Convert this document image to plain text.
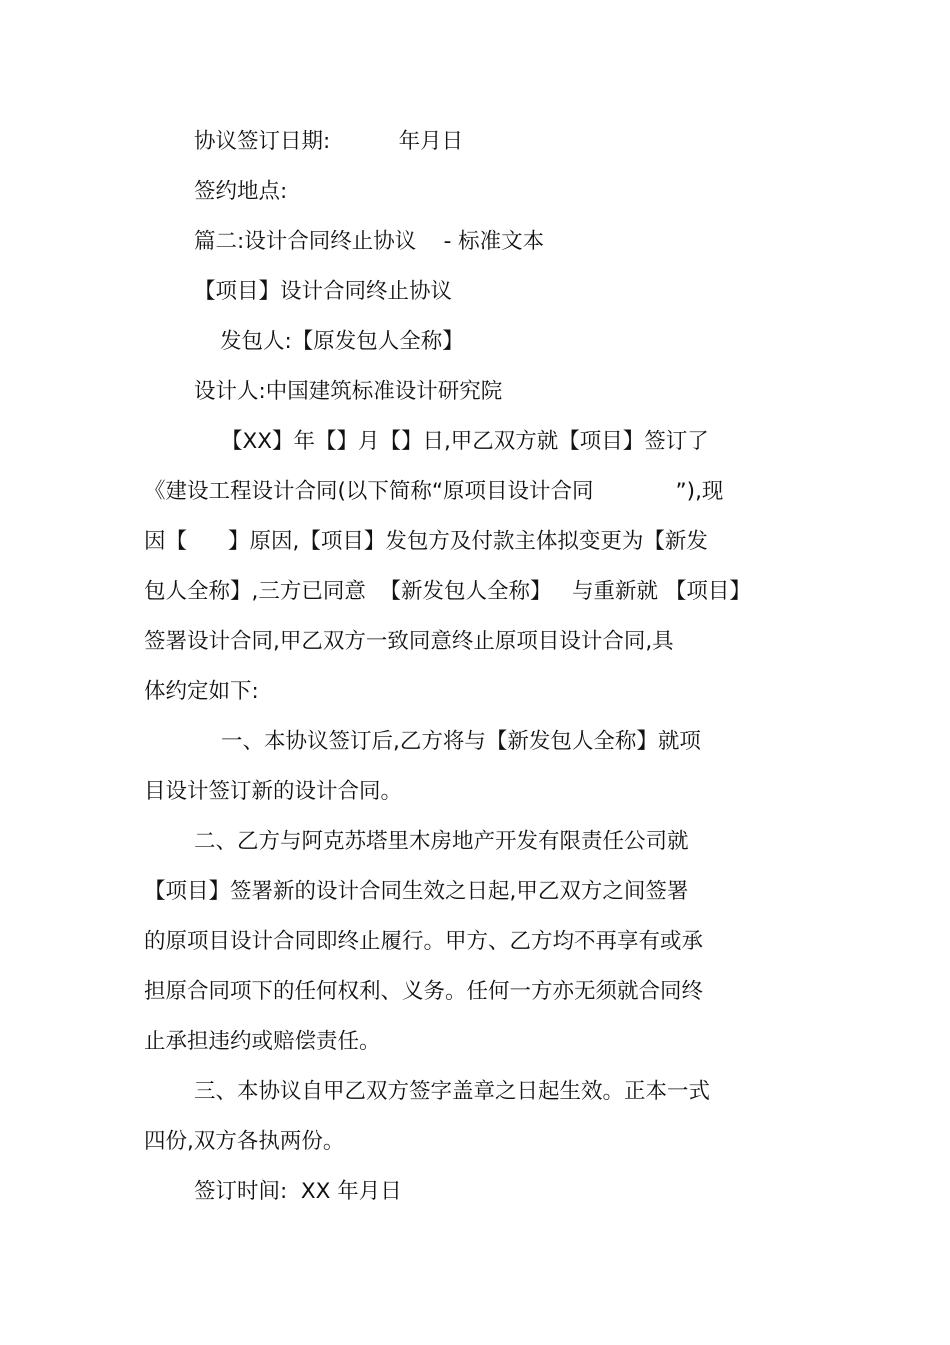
协议签订日期:          年月日
签约地点:
篇二:设计合同终止协议    - 标准文本
【项目】设计合同终止协议
发包人:【原发包人全称】
设计人:中国建筑标准设计研究院
【XX】年【】月【】日,甲乙双方就【项目】签订了
《建设工程设计合同(以下简称“原项目设计合同            ”),现
因【      】原因,【项目】发包方及付款主体拟变更为【新发
包人全称】,三方已同意  【新发包人全称】   与重新就 【项目】
签署设计合同,甲乙双方一致同意终止原项目设计合同,具
体约定如下:
一、本协议签订后,乙方将与【新发包人全称】就项
目设计签订新的设计合同。
二、乙方与阿克苏塔里木房地产开发有限责任公司就
【项目】签署新的设计合同生效之日起,甲乙双方之间签署
的原项目设计合同即终止履行。甲方、乙方均不再享有或承
担原合同项下的任何权利、义务。任何一方亦无须就合同终
止承担违约或赔偿责任。
三、本协议自甲乙双方签字盖章之日起生效。正本一式
四份,双方各执两份。
签订时间:  XX 年月日
